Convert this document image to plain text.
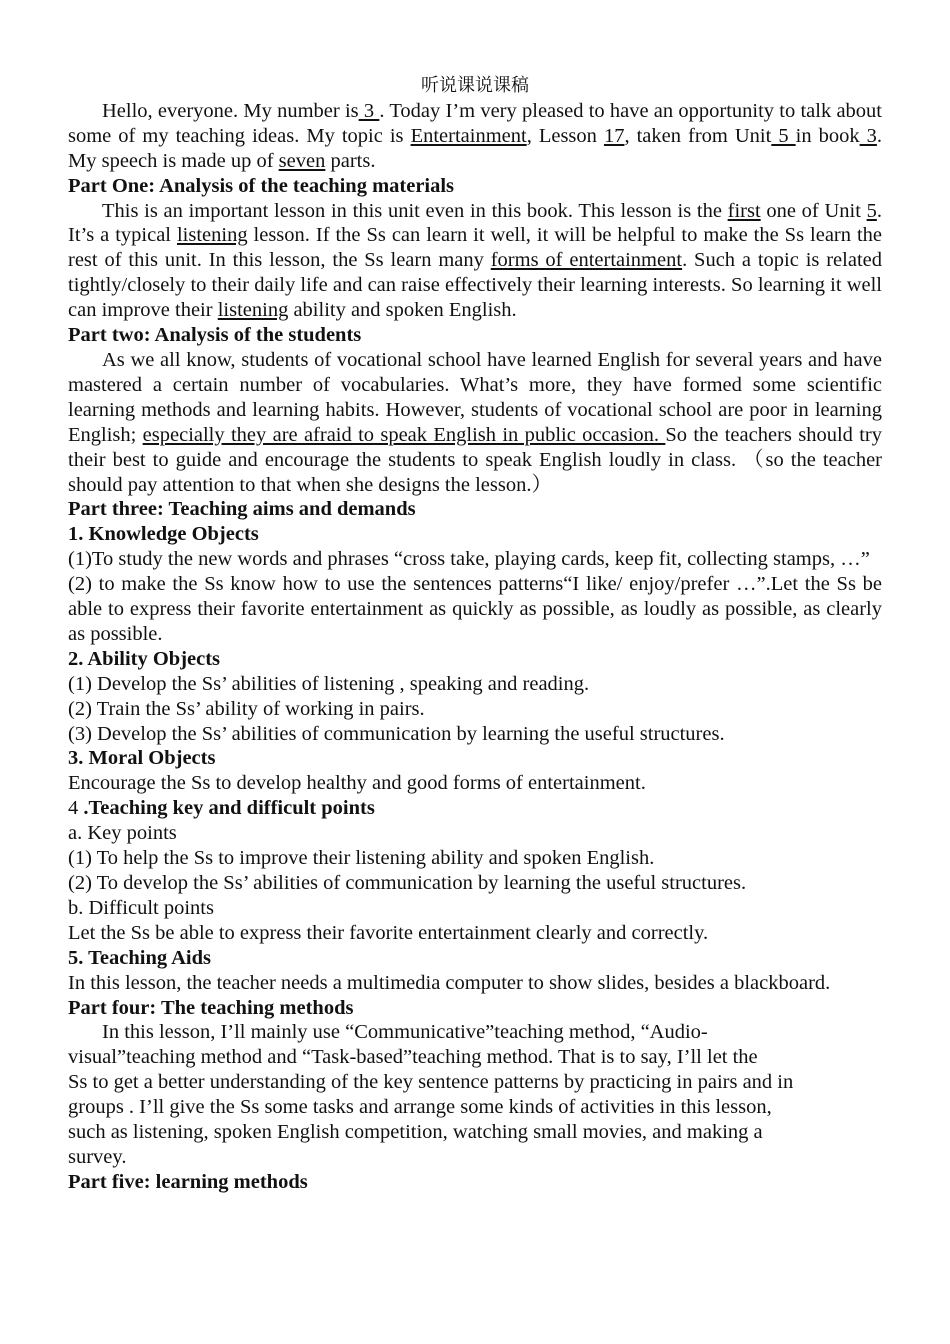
听说课说课稿

Hello, everyone. My number is 3 . Today I’m very pleased to have an opportunity to talk about some of my teaching ideas. My topic is Entertainment, Lesson 17, taken from Unit 5 in book 3. My speech is made up of seven parts.

Part One: Analysis of the teaching materials

This is an important lesson in this unit even in this book. This lesson is the first one of Unit 5. It’s a typical listening lesson. If the Ss can learn it well, it will be helpful to make the Ss learn the rest of this unit. In this lesson, the Ss learn many forms of entertainment. Such a topic is related tightly/closely to their daily life and can raise effectively their learning interests. So learning it well can improve their listening ability and spoken English.

Part two: Analysis of the students

As we all know, students of vocational school have learned English for several years and have mastered a certain number of vocabularies. What’s more, they have formed some scientific learning methods and learning habits. However, students of vocational school are poor in learning English; especially they are afraid to speak English in public occasion. So the teachers should try their best to guide and encourage the students to speak English loudly in class. （so the teacher should pay attention to that when she designs the lesson.）

Part three: Teaching aims and demands

1. Knowledge Objects

(1)To study the new words and phrases “cross take, playing cards, keep fit, collecting stamps, …”

(2) to make the Ss know how to use the sentences patterns“I like/ enjoy/prefer …”.Let the Ss be able to express their favorite entertainment as quickly as possible, as loudly as possible, as clearly as possible.

2. Ability Objects

(1) Develop the Ss’ abilities of listening , speaking and reading.

(2) Train the Ss’ ability of working in pairs.

(3) Develop the Ss’ abilities of communication by learning the useful structures.

3. Moral Objects

Encourage the Ss to develop healthy and good forms of entertainment.

4 .Teaching key and difficult points

a. Key points

(1) To help the Ss to improve their listening ability and spoken English.

(2) To develop the Ss’ abilities of communication by learning the useful structures.

b. Difficult points

Let the Ss be able to express their favorite entertainment clearly and correctly.

5. Teaching Aids

In this lesson, the teacher needs a multimedia computer to show slides, besides a blackboard.

Part four: The teaching methods

In this lesson, I’ll mainly use “Communicative”teaching method, “Audio-
visual”teaching method and “Task-based”teaching method. That is to say, I’ll let the
Ss to get a better understanding of the key sentence patterns by practicing in pairs and in
groups . I’ll give the Ss some tasks and arrange some kinds of activities in this lesson,
such as listening, spoken English competition, watching small movies, and making a
survey.

Part five: learning methods
